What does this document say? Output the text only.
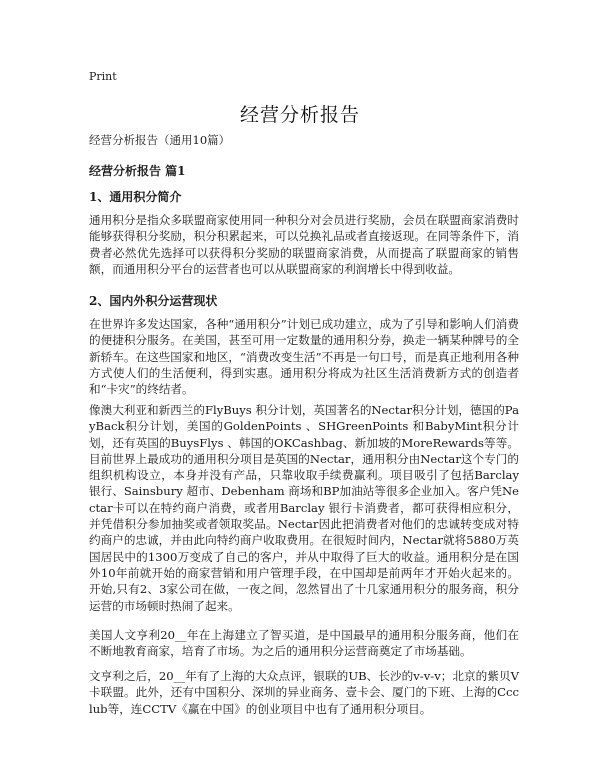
Print
经营分析报告
经营分析报告（通用10篇）
经营分析报告 篇1
1、通用积分简介
通用积分是指众多联盟商家使用同一种积分对会员进行奖励，会员在联盟商家消费时能够获得积分奖励，积分积累起来，可以兑换礼品或者直接返现。在同等条件下，消费者必然优先选择可以获得积分奖励的联盟商家消费，从而提高了联盟商家的销售额，而通用积分平台的运营者也可以从联盟商家的利润增长中得到收益。
2、国内外积分运营现状
在世界许多发达国家，各种“通用积分”计划已成功建立，成为了引导和影响人们消费的便捷积分服务。在美国，甚至可用一定数量的通用积分券，换走一辆某种牌号的全新轿车。在这些国家和地区，“消费改变生活”不再是一句口号，而是真正地利用各种方式使人们的生活便利，得到实惠。通用积分将成为社区生活消费新方式的创造者和“卡灾”的终结者。
像澳大利亚和新西兰的FlyBuys 积分计划，英国著名的Nectar积分计划，德国的PayBack积分计划，美国的GoldenPoints 、SHGreenPoints 和BabyMint积分计划，还有英国的BuysFlys 、韩国的OKCashbag、新加坡的MoreRewards等等。目前世界上最成功的通用积分项目是英国的Nectar，通用积分由Nectar这个专门的组织机构设立，本身并没有产品，只靠收取手续费赢利。项目吸引了包括Barclay 银行、Sainsbury 超市、Debenham 商场和BP加油站等很多企业加入。客户凭Nectar卡可以在特约商户消费，或者用Barclay 银行卡消费者，都可获得相应积分，并凭借积分参加抽奖或者领取奖品。Nectar因此把消费者对他们的忠诚转变成对特约商户的忠诚，并由此向特约商户收取费用。在很短时间内，Nectar就将5880万英国居民中的1300万变成了自己的客户，并从中取得了巨大的收益。通用积分是在国外10年前就开始的商家营销和用户管理手段，在中国却是前两年才开始火起来的。开始,只有2、3家公司在做，一夜之间，忽然冒出了十几家通用积分的服务商，积分运营的市场顿时热闹了起来。
美国人文亨利20__年在上海建立了智买道，是中国最早的通用积分服务商，他们在不断地教育商家，培育了市场。为之后的通用积分运营商奠定了市场基础。
文亨利之后，20__年有了上海的大众点评，银联的UB、长沙的v-v-v；北京的紫贝V卡联盟。此外，还有中国积分、深圳的异业商务、壹卡会、厦门的下班、上海的Ccclub等，连CCTV《赢在中国》的创业项目中也有了通用积分项目。
